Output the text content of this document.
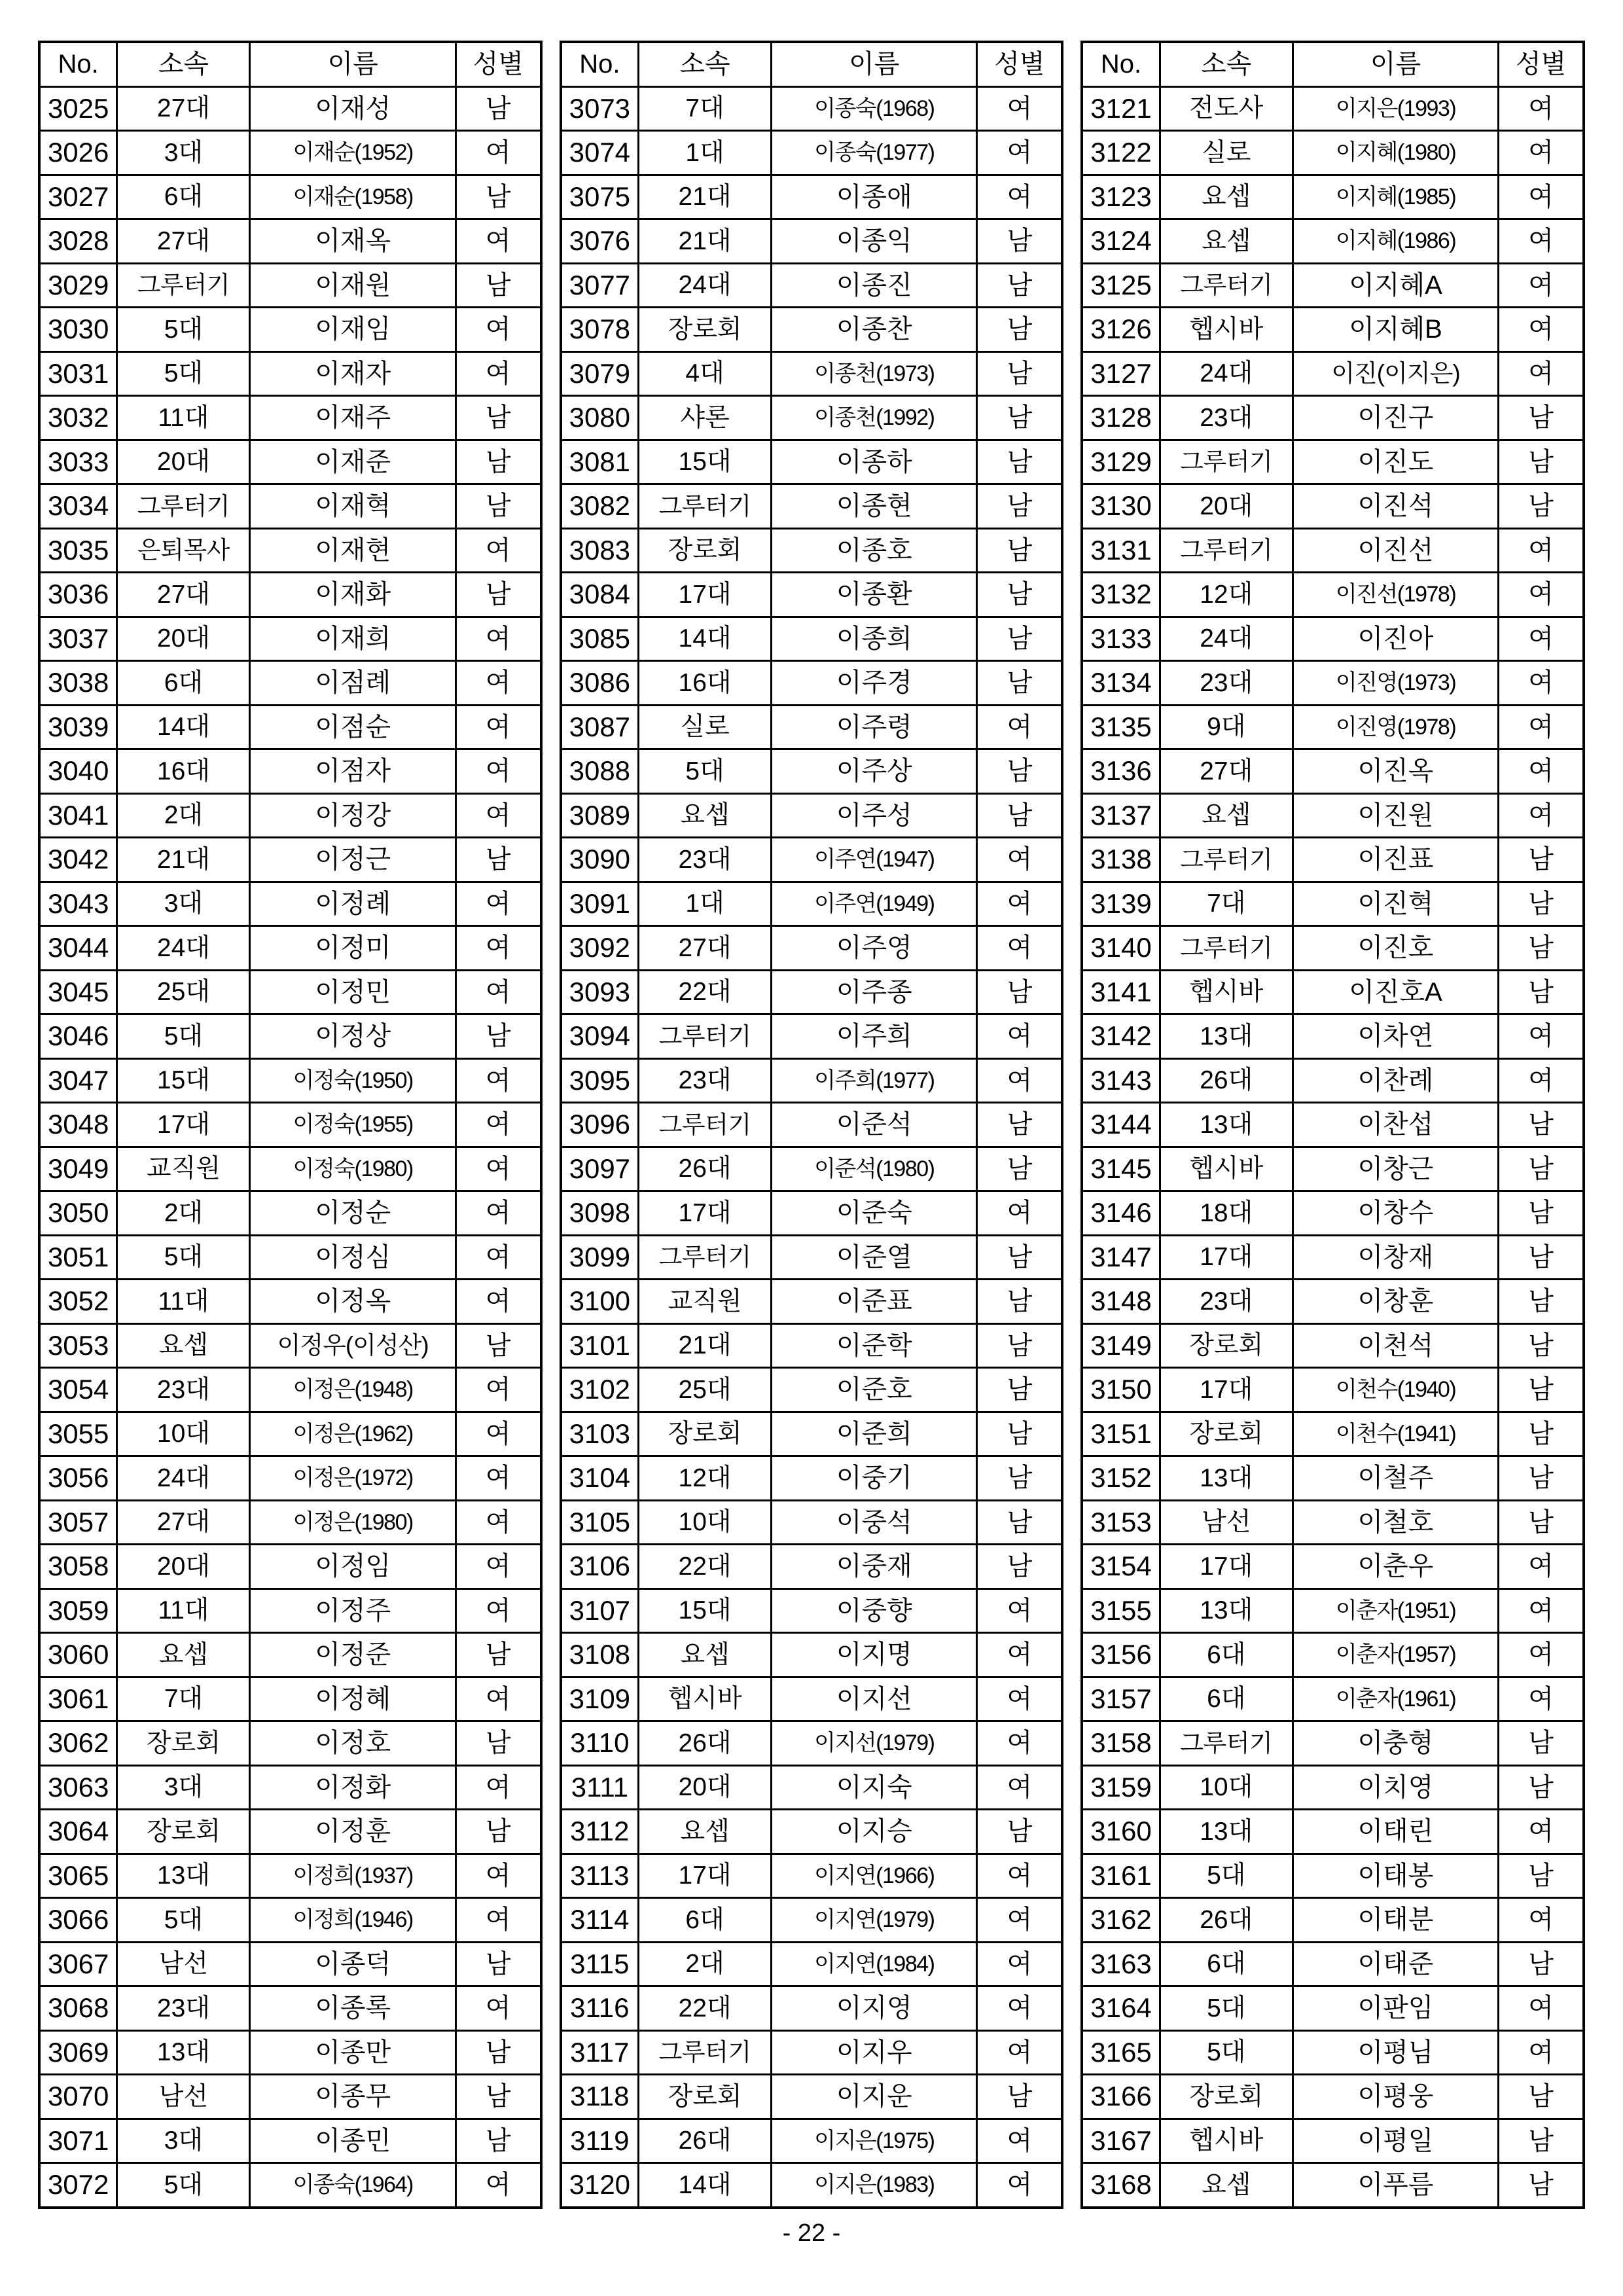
No.	소속	이름	성별
3025	27대	이재성	남
3026	3대	이재순(1952)	여
3027	6대	이재순(1958)	남
3028	27대	이재옥	여
3029	그루터기	이재원	남
3030	5대	이재임	여
3031	5대	이재자	여
3032	11대	이재주	남
3033	20대	이재준	남
3034	그루터기	이재혁	남
3035	은퇴목사	이재현	여
3036	27대	이재화	남
3037	20대	이재희	여
3038	6대	이점례	여
3039	14대	이점순	여
3040	16대	이점자	여
3041	2대	이정강	여
3042	21대	이정근	남
3043	3대	이정례	여
3044	24대	이정미	여
3045	25대	이정민	여
3046	5대	이정상	남
3047	15대	이정숙(1950)	여
3048	17대	이정숙(1955)	여
3049	교직원	이정숙(1980)	여
3050	2대	이정순	여
3051	5대	이정심	여
3052	11대	이정옥	여
3053	요셉	이정우(이성산)	남
3054	23대	이정은(1948)	여
3055	10대	이정은(1962)	여
3056	24대	이정은(1972)	여
3057	27대	이정은(1980)	여
3058	20대	이정임	여
3059	11대	이정주	여
3060	요셉	이정준	남
3061	7대	이정혜	여
3062	장로회	이정호	남
3063	3대	이정화	여
3064	장로회	이정훈	남
3065	13대	이정희(1937)	여
3066	5대	이정희(1946)	여
3067	남선	이종덕	남
3068	23대	이종록	여
3069	13대	이종만	남
3070	남선	이종무	남
3071	3대	이종민	남
3072	5대	이종숙(1964)	여
No.	소속	이름	성별
3073	7대	이종숙(1968)	여
3074	1대	이종숙(1977)	여
3075	21대	이종애	여
3076	21대	이종익	남
3077	24대	이종진	남
3078	장로회	이종찬	남
3079	4대	이종천(1973)	남
3080	샤론	이종천(1992)	남
3081	15대	이종하	남
3082	그루터기	이종현	남
3083	장로회	이종호	남
3084	17대	이종환	남
3085	14대	이종희	남
3086	16대	이주경	남
3087	실로	이주령	여
3088	5대	이주상	남
3089	요셉	이주성	남
3090	23대	이주연(1947)	여
3091	1대	이주연(1949)	여
3092	27대	이주영	여
3093	22대	이주종	남
3094	그루터기	이주희	여
3095	23대	이주희(1977)	여
3096	그루터기	이준석	남
3097	26대	이준석(1980)	남
3098	17대	이준숙	여
3099	그루터기	이준열	남
3100	교직원	이준표	남
3101	21대	이준학	남
3102	25대	이준호	남
3103	장로회	이준희	남
3104	12대	이중기	남
3105	10대	이중석	남
3106	22대	이중재	남
3107	15대	이중향	여
3108	요셉	이지명	여
3109	헵시바	이지선	여
3110	26대	이지선(1979)	여
3111	20대	이지숙	여
3112	요셉	이지승	남
3113	17대	이지연(1966)	여
3114	6대	이지연(1979)	여
3115	2대	이지연(1984)	여
3116	22대	이지영	여
3117	그루터기	이지우	여
3118	장로회	이지운	남
3119	26대	이지은(1975)	여
3120	14대	이지은(1983)	여
No.	소속	이름	성별
3121	전도사	이지은(1993)	여
3122	실로	이지혜(1980)	여
3123	요셉	이지혜(1985)	여
3124	요셉	이지혜(1986)	여
3125	그루터기	이지혜A	여
3126	헵시바	이지혜B	여
3127	24대	이진(이지은)	여
3128	23대	이진구	남
3129	그루터기	이진도	남
3130	20대	이진석	남
3131	그루터기	이진선	여
3132	12대	이진선(1978)	여
3133	24대	이진아	여
3134	23대	이진영(1973)	여
3135	9대	이진영(1978)	여
3136	27대	이진옥	여
3137	요셉	이진원	여
3138	그루터기	이진표	남
3139	7대	이진혁	남
3140	그루터기	이진호	남
3141	헵시바	이진호A	남
3142	13대	이차연	여
3143	26대	이찬례	여
3144	13대	이찬섭	남
3145	헵시바	이창근	남
3146	18대	이창수	남
3147	17대	이창재	남
3148	23대	이창훈	남
3149	장로회	이천석	남
3150	17대	이천수(1940)	남
3151	장로회	이천수(1941)	남
3152	13대	이철주	남
3153	남선	이철호	남
3154	17대	이춘우	여
3155	13대	이춘자(1951)	여
3156	6대	이춘자(1957)	여
3157	6대	이춘자(1961)	여
3158	그루터기	이충형	남
3159	10대	이치영	남
3160	13대	이태린	여
3161	5대	이태봉	남
3162	26대	이태분	여
3163	6대	이태준	남
3164	5대	이판임	여
3165	5대	이평님	여
3166	장로회	이평웅	남
3167	헵시바	이평일	남
3168	요셉	이푸름	남
- 22 -
